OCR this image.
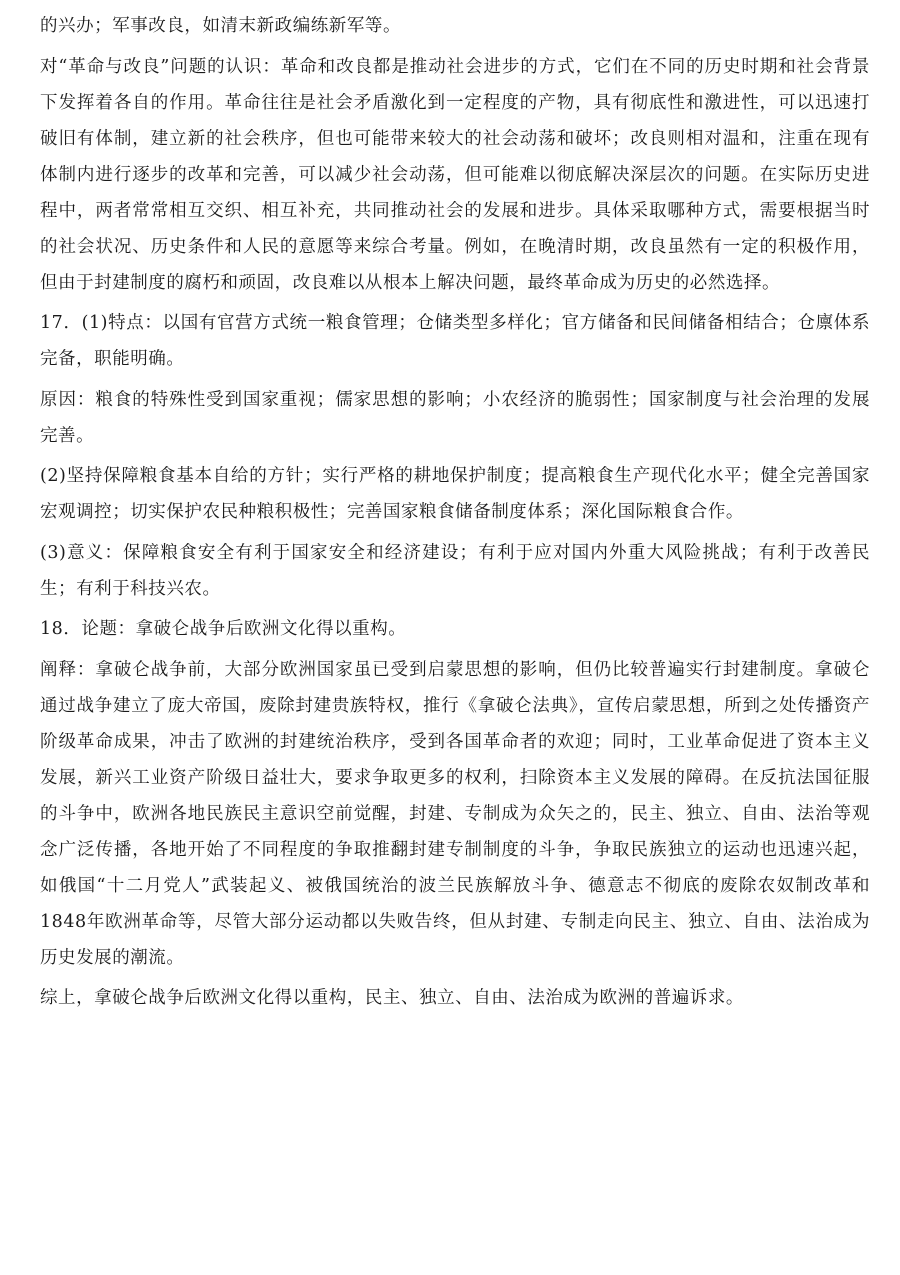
的兴办；军事改良，如清末新政编练新军等。

对“革命与改良”问题的认识：革命和改良都是推动社会进步的方式，它们在不同的历史时期和社会背景下发挥着各自的作用。革命往往是社会矛盾激化到一定程度的产物，具有彻底性和激进性，可以迅速打破旧有体制，建立新的社会秩序，但也可能带来较大的社会动荡和破坏；改良则相对温和，注重在现有体制内进行逐步的改革和完善，可以减少社会动荡，但可能难以彻底解决深层次的问题。在实际历史进程中，两者常常相互交织、相互补充，共同推动社会的发展和进步。具体采取哪种方式，需要根据当时的社会状况、历史条件和人民的意愿等来综合考量。例如，在晚清时期，改良虽然有一定的积极作用，但由于封建制度的腐朽和顽固，改良难以从根本上解决问题，最终革命成为历史的必然选择。

17．(1)特点：以国有官营方式统一粮食管理；仓储类型多样化；官方储备和民间储备相结合；仓廪体系完备，职能明确。

原因：粮食的特殊性受到国家重视；儒家思想的影响；小农经济的脆弱性；国家制度与社会治理的发展完善。

(2)坚持保障粮食基本自给的方针；实行严格的耕地保护制度；提高粮食生产现代化水平；健全完善国家宏观调控；切实保护农民种粮积极性；完善国家粮食储备制度体系；深化国际粮食合作。

(3)意义：保障粮食安全有利于国家安全和经济建设；有利于应对国内外重大风险挑战；有利于改善民生；有利于科技兴农。

18．论题：拿破仑战争后欧洲文化得以重构。

阐释：拿破仑战争前，大部分欧洲国家虽已受到启蒙思想的影响，但仍比较普遍实行封建制度。拿破仑通过战争建立了庞大帝国，废除封建贵族特权，推行《拿破仑法典》，宣传启蒙思想，所到之处传播资产阶级革命成果，冲击了欧洲的封建统治秩序，受到各国革命者的欢迎；同时，工业革命促进了资本主义发展，新兴工业资产阶级日益壮大，要求争取更多的权利，扫除资本主义发展的障碍。在反抗法国征服的斗争中，欧洲各地民族民主意识空前觉醒，封建、专制成为众矢之的，民主、独立、自由、法治等观念广泛传播，各地开始了不同程度的争取推翻封建专制制度的斗争，争取民族独立的运动也迅速兴起，如俄国“十二月党人”武装起义、被俄国统治的波兰民族解放斗争、德意志不彻底的废除农奴制改革和1848年欧洲革命等，尽管大部分运动都以失败告终，但从封建、专制走向民主、独立、自由、法治成为历史发展的潮流。

综上，拿破仑战争后欧洲文化得以重构，民主、独立、自由、法治成为欧洲的普遍诉求。
